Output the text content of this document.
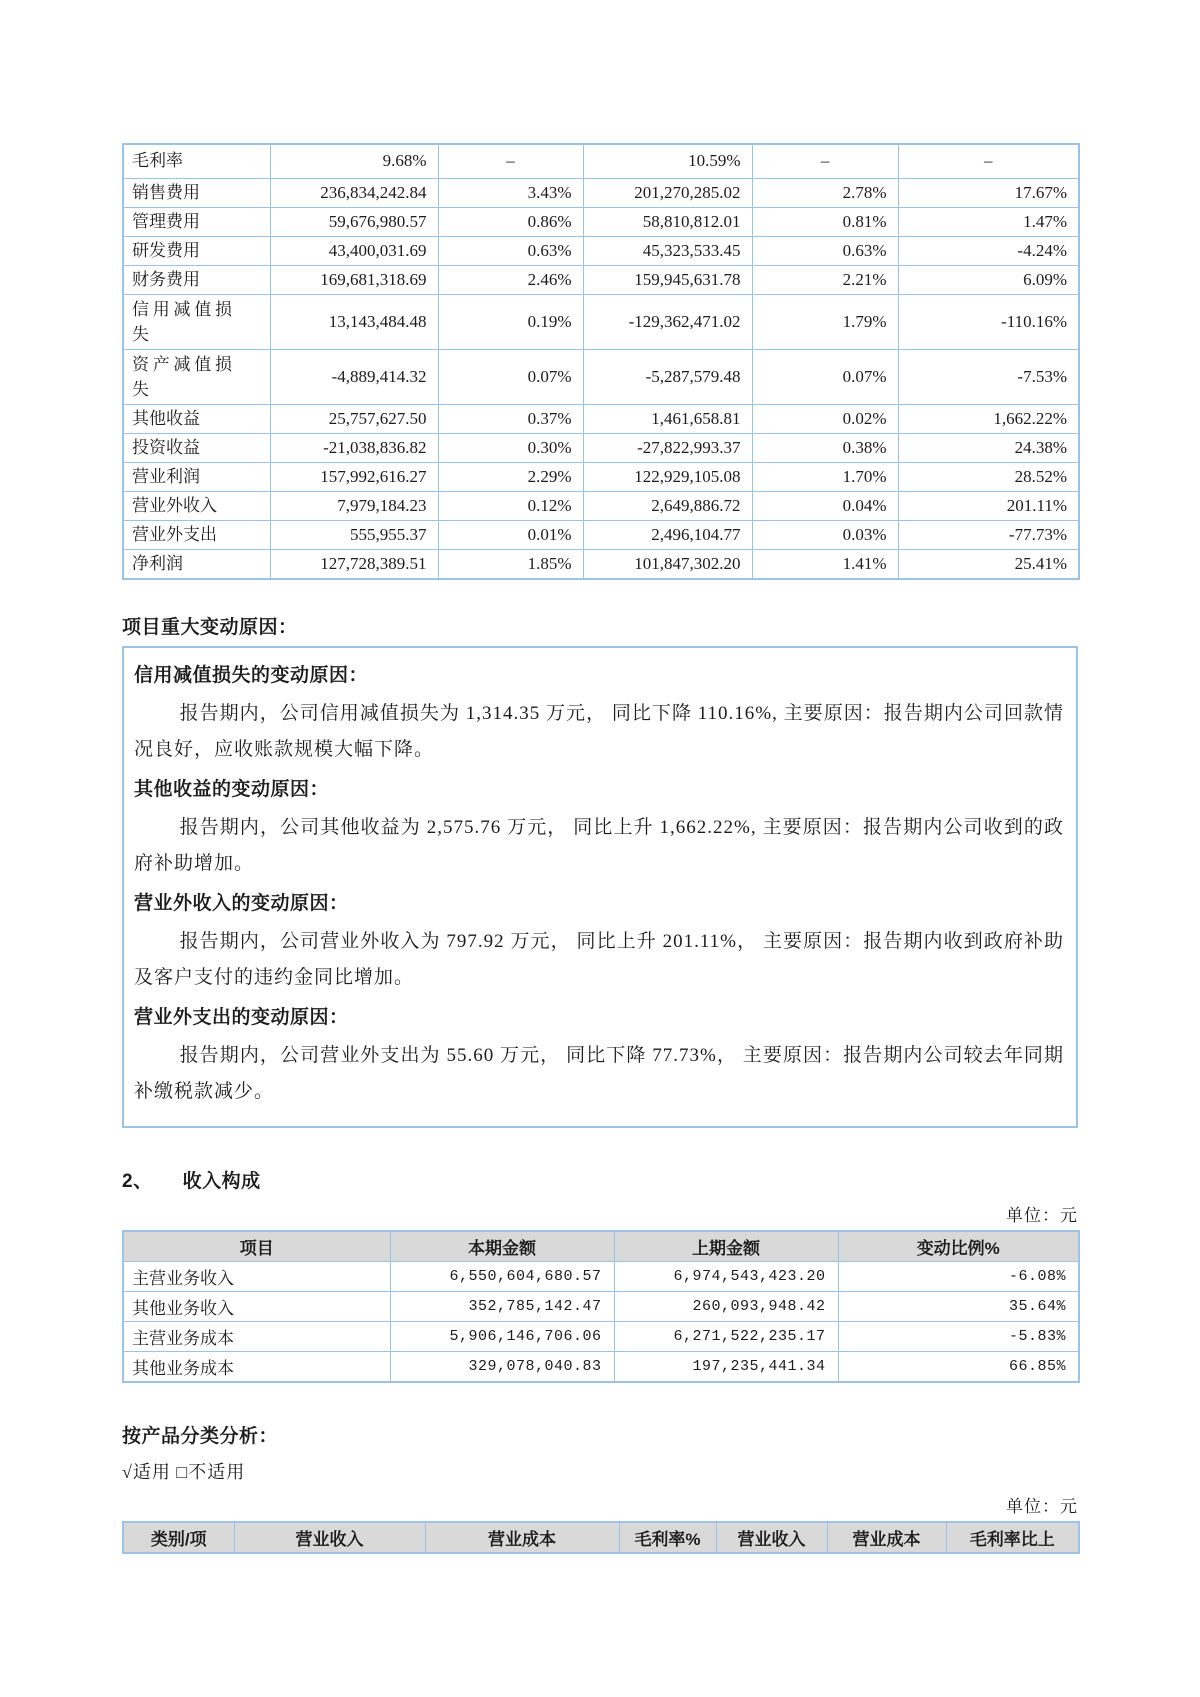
毛利率	9.68%	–	10.59%	–	–
销售费用	236,834,242.84	3.43%	201,270,285.02	2.78%	17.67%
管理费用	59,676,980.57	0.86%	58,810,812.01	0.81%	1.47%
研发费用	43,400,031.69	0.63%	45,323,533.45	0.63%	-4.24%
财务费用	169,681,318.69	2.46%	159,945,631.78	2.21%	6.09%
信用减值损失	13,143,484.48	0.19%	-129,362,471.02	1.79%	-110.16%
资产减值损失	-4,889,414.32	0.07%	-5,287,579.48	0.07%	-7.53%
其他收益	25,757,627.50	0.37%	1,461,658.81	0.02%	1,662.22%
投资收益	-21,038,836.82	0.30%	-27,822,993.37	0.38%	24.38%
营业利润	157,992,616.27	2.29%	122,929,105.08	1.70%	28.52%
营业外收入	7,979,184.23	0.12%	2,649,886.72	0.04%	201.11%
营业外支出	555,955.37	0.01%	2,496,104.77	0.03%	-77.73%
净利润	127,728,389.51	1.85%	101,847,302.20	1.41%	25.41%
项目重大变动原因：
信用减值损失的变动原因：

报告期内，公司信用减值损失为 1,314.35 万元， 同比下降 110.16%, 主要原因：报告期内公司回款情况良好，应收账款规模大幅下降。

其他收益的变动原因：

报告期内，公司其他收益为 2,575.76 万元， 同比上升 1,662.22%, 主要原因：报告期内公司收到的政府补助增加。

营业外收入的变动原因：

报告期内，公司营业外收入为 797.92 万元， 同比上升 201.11%， 主要原因：报告期内收到政府补助及客户支付的违约金同比增加。

营业外支出的变动原因：

报告期内，公司营业外支出为 55.60 万元， 同比下降 77.73%， 主要原因：报告期内公司较去年同期补缴税款减少。

2、 收入构成
单位：元
项目	本期金额	上期金额	变动比例%
主营业务收入	6,550,604,680.57	6,974,543,423.20	-6.08%
其他业务收入	352,785,142.47	260,093,948.42	35.64%
主营业务成本	5,906,146,706.06	6,271,522,235.17	-5.83%
其他业务成本	329,078,040.83	197,235,441.34	66.85%
按产品分类分析：
√适用 □不适用
单位：元
类别/项	营业收入	营业成本	毛利率%	营业收入	营业成本	毛利率比上
